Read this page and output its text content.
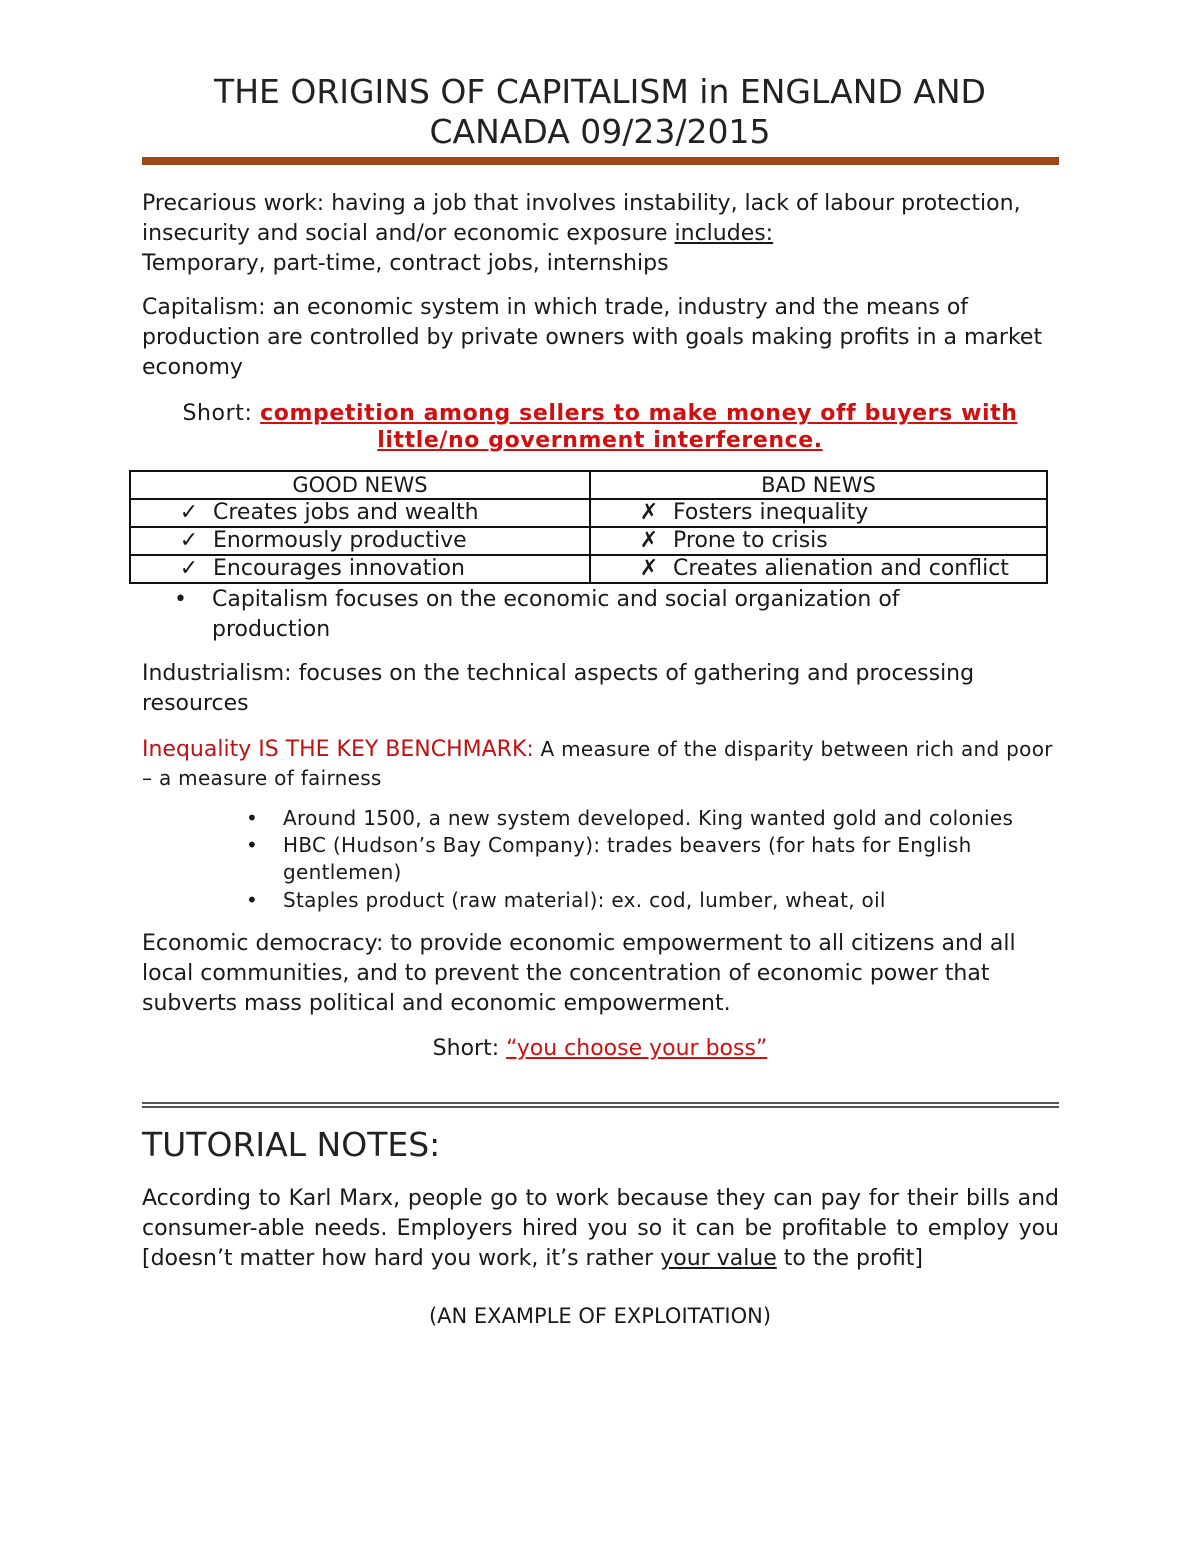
THE ORIGINS OF CAPITALISM in ENGLAND AND
CANADA 09/23/2015

Precarious work: having a job that involves instability, lack of labour protection, insecurity and social and/or economic exposure includes:
Temporary, part-time, contract jobs, internships

Capitalism: an economic system in which trade, industry and the means of production are controlled by private owners with goals making profits in a market economy

Short: competition among sellers to make money off buyers with little/no government interference.

GOOD NEWS	BAD NEWS

✓ Creates jobs and wealth	✗ Fosters inequality

✓ Enormously productive	✗ Prone to crisis

✓ Encourages innovation	✗ Creates alienation and conflict

• Capitalism focuses on the economic and social organization of production

Industrialism: focuses on the technical aspects of gathering and processing resources

Inequality IS THE KEY BENCHMARK: A measure of the disparity between rich and poor – a measure of fairness

• Around 1500, a new system developed. King wanted gold and colonies

• HBC (Hudson’s Bay Company): trades beavers (for hats for English gentlemen)

• Staples product (raw material): ex. cod, lumber, wheat, oil

Economic democracy: to provide economic empowerment to all citizens and all local communities, and to prevent the concentration of economic power that subverts mass political and economic empowerment.

Short: “you choose your boss”

TUTORIAL NOTES:

According to Karl Marx, people go to work because they can pay for their bills and consumer-able needs. Employers hired you so it can be profitable to employ you [doesn’t matter how hard you work, it’s rather your value to the profit]

(AN EXAMPLE OF EXPLOITATION)
